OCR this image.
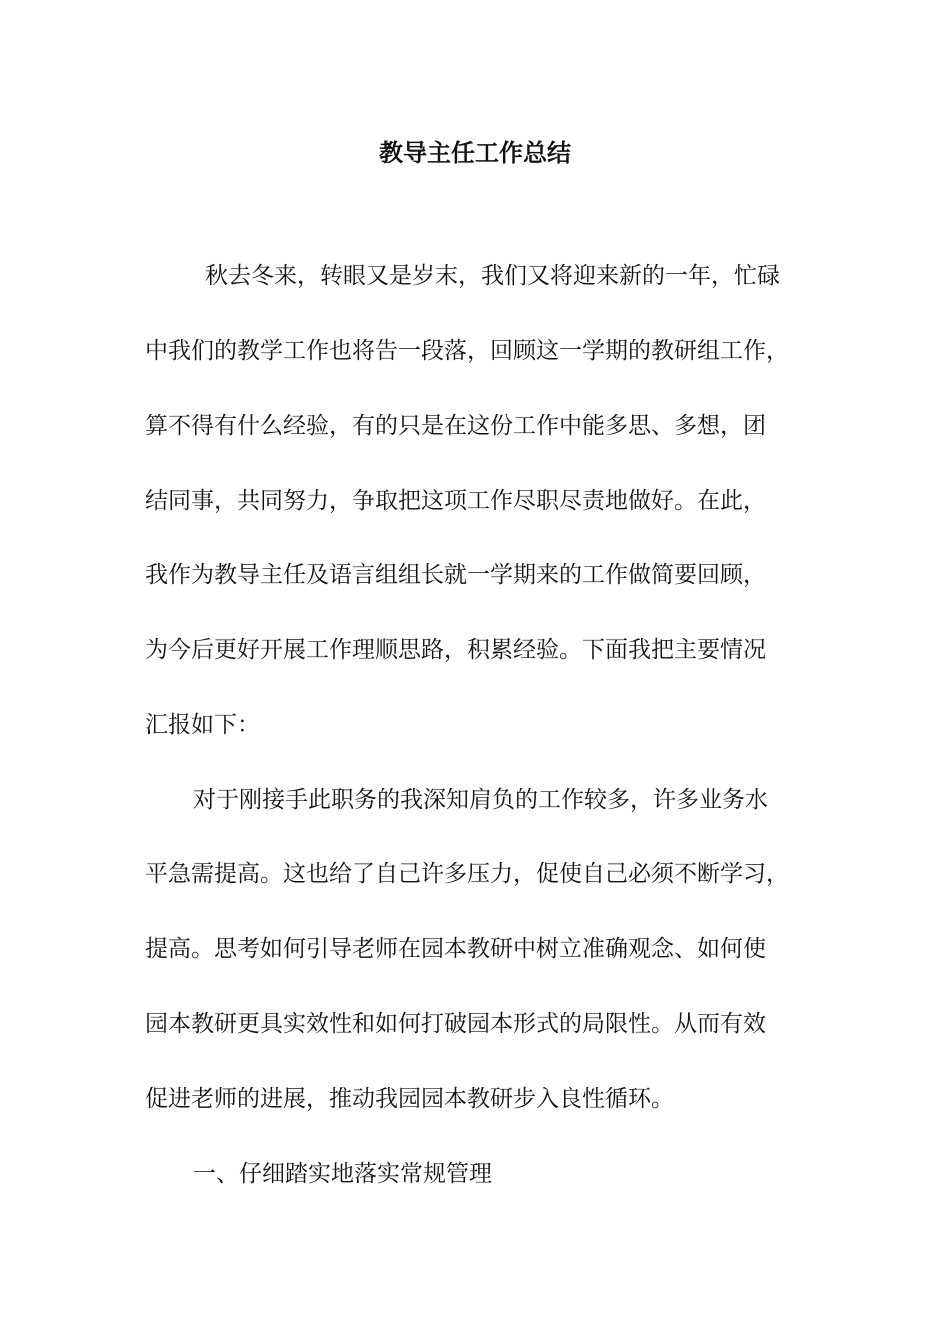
教导主任工作总结
秋去冬来，转眼又是岁末，我们又将迎来新的一年，忙碌
中我们的教学工作也将告一段落，回顾这一学期的教研组工作，
算不得有什么经验，有的只是在这份工作中能多思、多想，团
结同事，共同努力，争取把这项工作尽职尽责地做好。在此，
我作为教导主任及语言组组长就一学期来的工作做简要回顾，
为今后更好开展工作理顺思路，积累经验。下面我把主要情况
汇报如下：
对于刚接手此职务的我深知肩负的工作较多，许多业务水
平急需提高。这也给了自己许多压力，促使自己必须不断学习，
提高。思考如何引导老师在园本教研中树立准确观念、如何使
园本教研更具实效性和如何打破园本形式的局限性。从而有效
促进老师的进展，推动我园园本教研步入良性循环。
一、仔细踏实地落实常规管理
